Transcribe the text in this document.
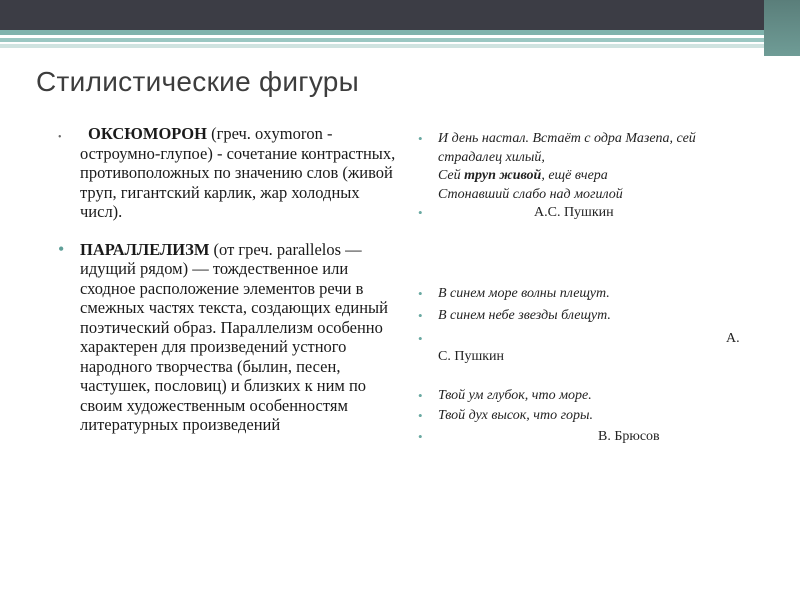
Стилистические фигуры
• ОКСЮМОРОН (греч. oxymoron - остроумно-глупое) - сочетание контрастных, противоположных по значению слов (живой труп, гигантский карлик, жар холодных числ).
• ПАРАЛЛЕЛИЗМ (от греч. parallelos — идущий рядом) — тождественное или сходное расположение элементов речи в смежных частях текста, создающих единый поэтический образ. Параллелизм особенно характерен для произведений устного народного творчества (былин, песен, частушек, пословиц) и близких к ним по своим художественным особенностям литературных произведений
• И день настал. Встаёт с одра Мазепа, сей страдалец хилый,
Сей труп живой, ещё вчера
Стонавший слабо над могилой
•	А.С. Пушкин
• В синем море волны плещут.
• В синем небе звезды блещут.
•	А.
С. Пушкин
• Твой ум глубок, что море.
• Твой дух высок, что горы.
•	В. Брюсов
